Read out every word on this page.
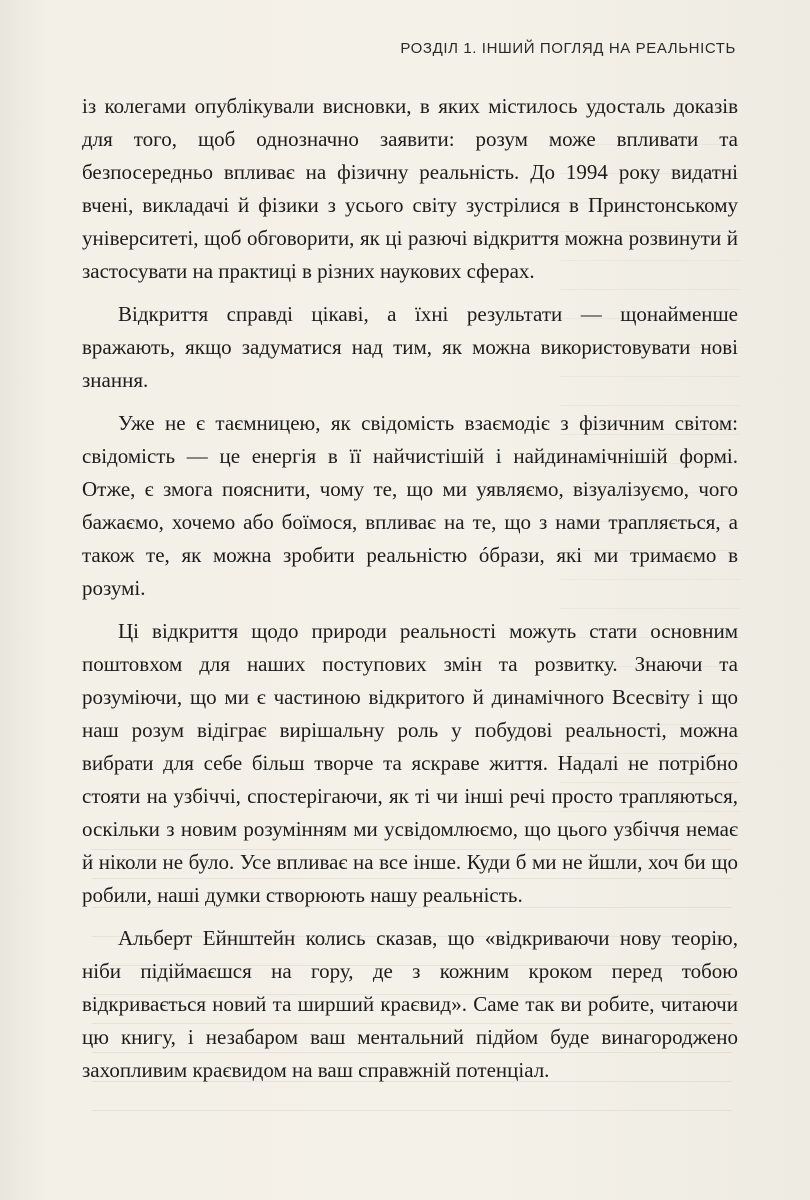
РОЗДІЛ 1. ІНШИЙ ПОГЛЯД НА РЕАЛЬНІСТЬ

із колегами опублікували висновки, в яких містилось удосталь доказів для того, щоб однозначно заявити: розум може впливати та безпосередньо впливає на фізичну реальність. До 1994 року видатні вчені, викладачі й фізики з усього світу зустрілися в Принстонському університеті, щоб обговорити, як ці разючі відкриття можна розвинути й застосувати на практиці в різних наукових сферах.

Відкриття справді цікаві, а їхні результати — щонайменше вражають, якщо задуматися над тим, як можна використовувати нові знання.

Уже не є таємницею, як свідомість взаємодіє з фізичним світом: свідомість — це енергія в її найчистішій і найдинамічнішій формі. Отже, є змога пояснити, чому те, що ми уявляємо, візуалізуємо, чого бажаємо, хочемо або боїмося, впливає на те, що з нами трапляється, а також те, як можна зробити реальністю óбрази, які ми тримаємо в розумі.

Ці відкриття щодо природи реальності можуть стати основним поштовхом для наших поступових змін та розвитку. Знаючи та розуміючи, що ми є частиною відкритого й динамічного Всесвіту і що наш розум відіграє вирішальну роль у побудові реальності, можна вибрати для себе більш творче та яскраве життя. Надалі не потрібно стояти на узбіччі, спостерігаючи, як ті чи інші речі просто трапляються, оскільки з новим розумінням ми усвідомлюємо, що цього узбіччя немає й ніколи не було. Усе впливає на все інше. Куди б ми не йшли, хоч би що робили, наші думки створюють нашу реальність.

Альберт Ейнштейн колись сказав, що «відкриваючи нову теорію, ніби підіймаєшся на гору, де з кожним кроком перед тобою відкривається новий та ширший краєвид». Саме так ви робите, читаючи цю книгу, і незабаром ваш ментальний підйом буде винагороджено захопливим краєвидом на ваш справжній потенціал.
